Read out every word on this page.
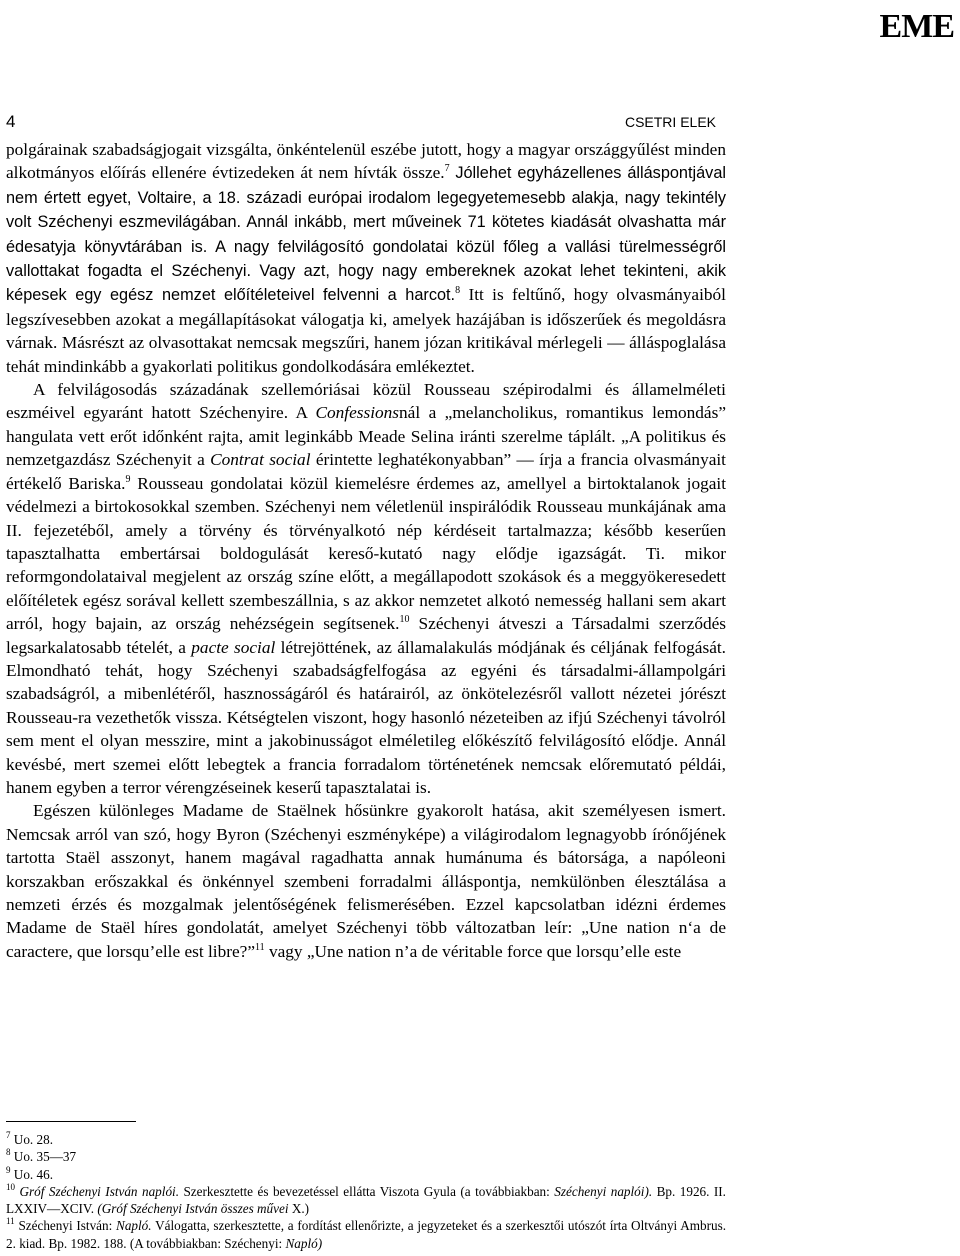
EME
4	CSETRI ELEK

polgárainak szabadságjogait vizsgálta, önkéntelenül eszébe jutott, hogy a magyar országgyűlést minden alkotmányos előírás ellenére évtizedeken át nem hívták össze.$^7$ Jóllehet egyházellenes álláspontjával nem értett egyet, Voltaire, a 18. századi európai irodalom legegyetemesebb alakja, nagy tekintély volt Széchenyi eszmevilágában. Annál inkább, mert műveinek 71 kötetes kiadását olvashatta már édesatyja könyvtárában is. A nagy felvilágosító gondolatai közül főleg a vallási türelmességről vallottakat fogadta el Széchenyi. Vagy azt, hogy nagy embereknek azokat lehet tekinteni, akik képesek egy egész nemzet előítéleteivel felvenni a harcot.$^8$ Itt is feltűnő, hogy olvasmányaiból legszívesebben azokat a megállapításokat válogatja ki, amelyek hazájában is időszerűek és megoldásra várnak. Másrészt az olvasottakat nemcsak megszűri, hanem józan kritikával mérlegeli — álláspoglalása tehát mindinkább a gyakorlati politikus gondolkodására emlékeztet.

A felvilágosodás századának szellemóriásai közül Rousseau szépirodalmi és államelméleti eszméivel egyaránt hatott Széchenyire. A Confessionsnál a „melancholikus, romantikus lemondás” hangulata vett erőt időnként rajta, amit leginkább Meade Selina iránti szerelme táplált. „A politikus és nemzetgazdász Széchenyit a Contrat social érintette leghatékonyabban” — írja a francia olvasmányait értékelő Bariska.$^9$ Rousseau gondolatai közül kiemelésre érdemes az, amellyel a birtoktalanok jogait védelmezi a birtokosokkal szemben. Széchenyi nem véletlenül inspirálódik Rousseau munkájának ama II. fejezetéből, amely a törvény és törvényalkotó nép kérdéseit tartalmazza; később keserűen tapasztalhatta embertársai boldogulását kereső-kutató nagy elődje igazságát. Ti. mikor reformgondolataival megjelent az ország színe előtt, a megállapodott szokások és a meggyökeresedett előítéletek egész sorával kellett szembeszállnia, s az akkor nemzetet alkotó nemesség hallani sem akart arról, hogy bajain, az ország nehézségein segítsenek.$^{10}$ Széchenyi átveszi a Társadalmi szerződés legsarkalatosabb tételét, a pacte social létrejöttének, az államalakulás módjának és céljának felfogását. Elmondható tehát, hogy Széchenyi szabadságfelfogása az egyéni és társadalmi-állampolgári szabadságról, a mibenlétéről, hasznosságáról és határairól, az önkötelezésről vallott nézetei jórészt Rousseau-ra vezethetők vissza. Kétségtelen viszont, hogy hasonló nézeteiben az ifjú Széchenyi távolról sem ment el olyan messzire, mint a jakobinusságot elméletileg előkészítő felvilágosító elődje. Annál kevésbé, mert szemei előtt lebegtek a francia forradalom történetének nemcsak előremutató példái, hanem egyben a terror vérengzéseinek keserű tapasztalatai is.

Egészen különleges Madame de Staëlnek hősünkre gyakorolt hatása, akit személyesen ismert. Nemcsak arról van szó, hogy Byron (Széchenyi eszményképe) a világirodalom legnagyobb írónőjének tartotta Staël asszonyt, hanem magával ragadhatta annak humánuma és bátorsága, a napóleoni korszakban erőszakkal és önkénnyel szembeni forradalmi álláspontja, nemkülönben élesztálása a nemzeti érzés és mozgalmak jelentőségének felismerésében. Ezzel kapcsolatban idézni érdemes Madame de Staël híres gondolatát, amelyet Széchenyi több változatban leír: „Une nation n‘a de caractere, que lorsqu’elle est libre?”$^{11}$ vagy „Une nation n’a de véritable force que lorsqu’elle este

$^7$ Uo. 28.

$^8$ Uo. 35—37

$^9$ Uo. 46.

$^{10}$ Gróf Széchenyi István naplói. Szerkesztette és bevezetéssel ellátta Viszota Gyula (a továbbiakban: Széchenyi naplói). Bp. 1926. II. LXXIV—XCIV. (Gróf Széchenyi István összes művei X.)

$^{11}$ Széchenyi István: Napló. Válogatta, szerkesztette, a fordítást ellenőrizte, a jegyzeteket és a szerkesztői utószót írta Oltványi Ambrus. 2. kiad. Bp. 1982. 188. (A továbbiakban: Széchenyi: Napló)
